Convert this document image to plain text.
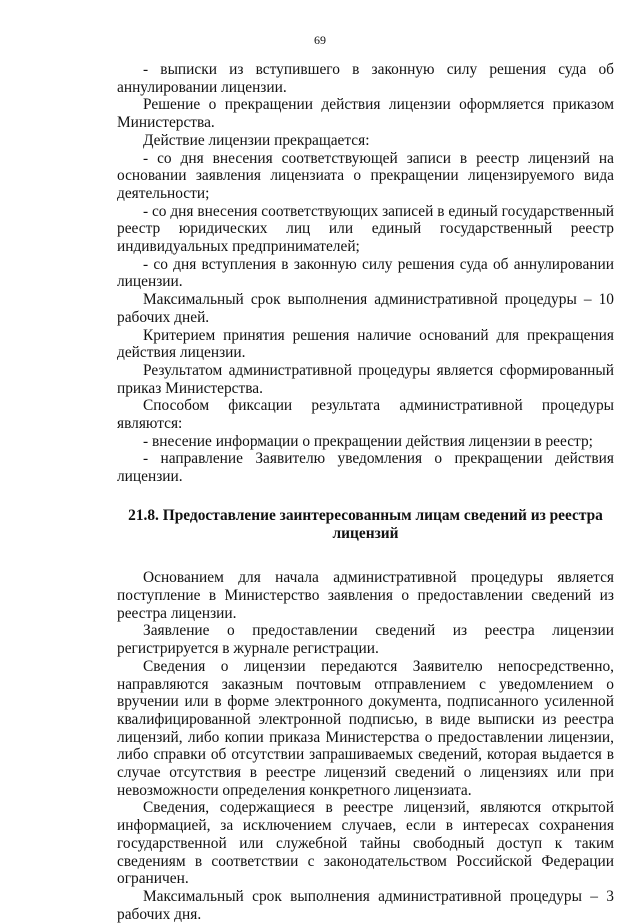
69

- выписки из вступившего в законную силу решения суда об аннулировании лицензии.

Решение о прекращении действия лицензии оформляется приказом Министерства.

Действие лицензии прекращается:

- со дня внесения соответствующей записи в реестр лицензий на основании заявления лицензиата о прекращении лицензируемого вида деятельности;

- со дня внесения соответствующих записей в единый государственный реестр юридических лиц или единый государственный реестр индивидуальных предпринимателей;

- со дня вступления в законную силу решения суда об аннулировании лицензии.

Максимальный срок выполнения административной процедуры – 10 рабочих дней.

Критерием принятия решения наличие оснований для прекращения действия лицензии.

Результатом административной процедуры является сформированный приказ Министерства.

Способом фиксации результата административной процедуры являются:

- внесение информации о прекращении действия лицензии в реестр;

- направление Заявителю уведомления о прекращении действия лицензии.

21.8. Предоставление заинтересованным лицам сведений из реестра лицензий

Основанием для начала административной процедуры является поступление в Министерство заявления о предоставлении сведений из реестра лицензии.

Заявление о предоставлении сведений из реестра лицензии регистрируется в журнале регистрации.

Сведения о лицензии передаются Заявителю непосредственно, направляются заказным почтовым отправлением с уведомлением о вручении или в форме электронного документа, подписанного усиленной квалифицированной электронной подписью, в виде выписки из реестра лицензий, либо копии приказа Министерства о предоставлении лицензии, либо справки об отсутствии запрашиваемых сведений, которая выдается в случае отсутствия в реестре лицензий сведений о лицензиях или при невозможности определения конкретного лицензиата.

Сведения, содержащиеся в реестре лицензий, являются открытой информацией, за исключением случаев, если в интересах сохранения государственной или служебной тайны свободный доступ к таким сведениям в соответствии с законодательством Российской Федерации ограничен.

Максимальный срок выполнения административной процедуры – 3 рабочих дня.
